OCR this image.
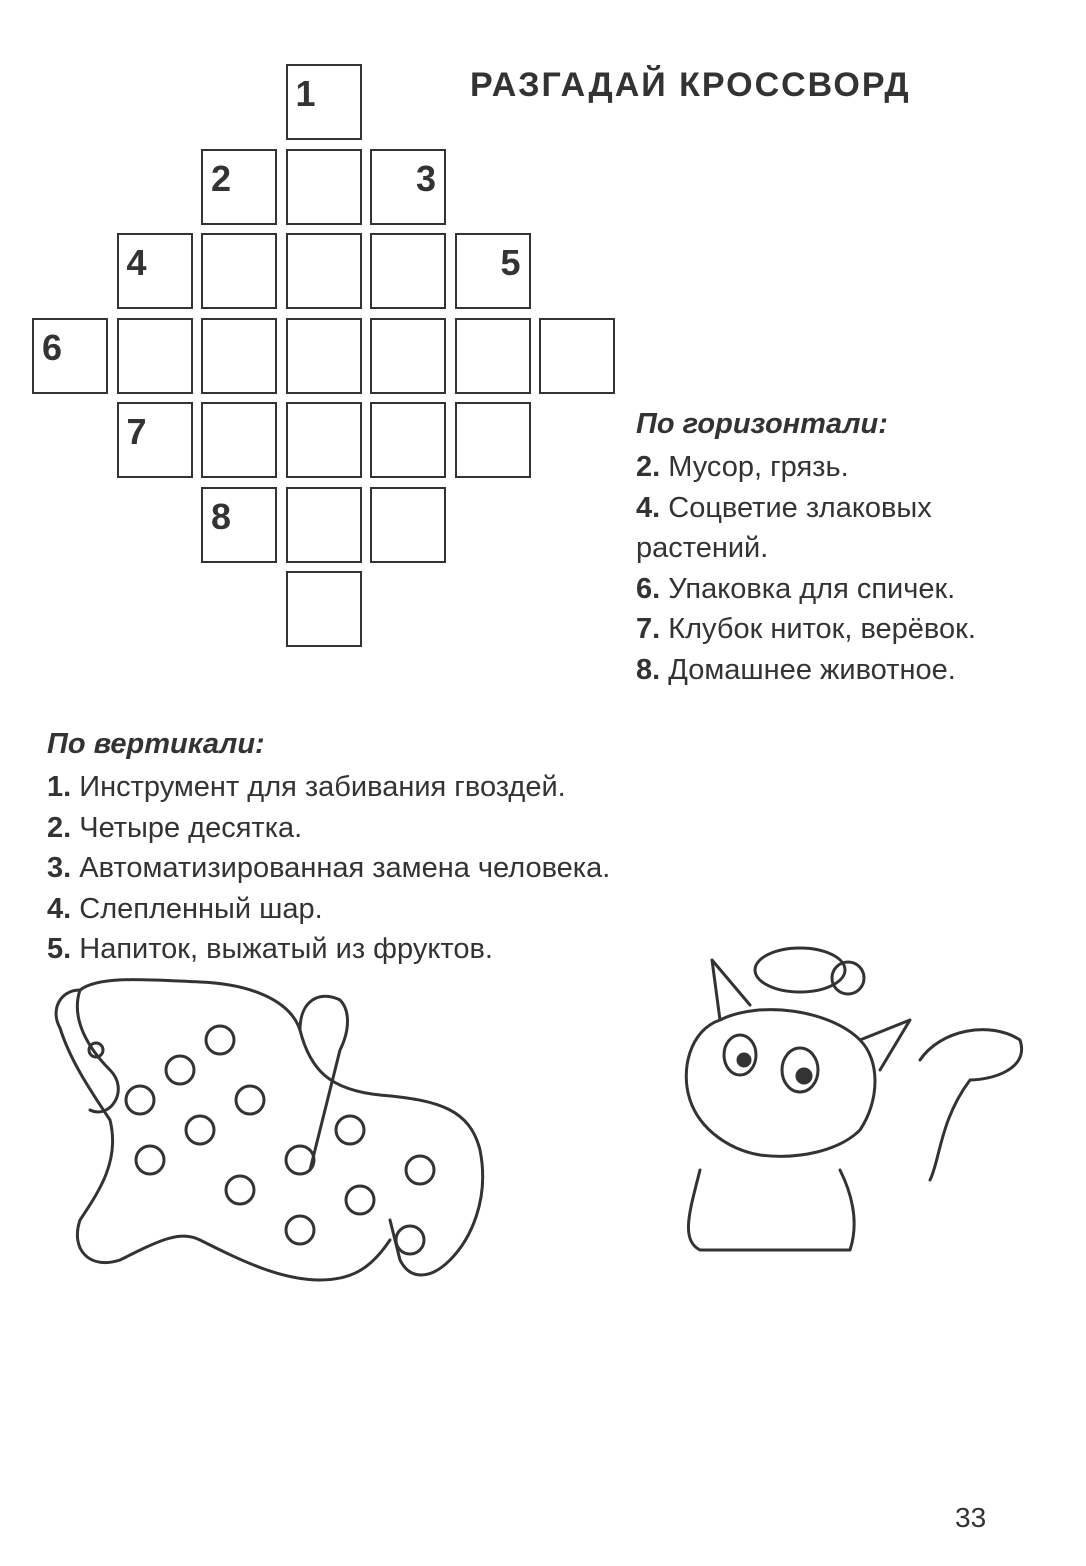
РАЗГАДАЙ КРОССВОРД
1
2	3
4	5
6
7
8
По горизонтали:
2. Мусор, грязь.
4. Соцветие злаковых растений.
6. Упаковка для спичек.
7. Клубок ниток, верёвок.
8. Домашнее животное.
По вертикали:
1. Инструмент для забивания гвоздей.
2. Четыре десятка.
3. Автоматизированная замена человека.
4. Слепленный шар.
5. Напиток, выжатый из фруктов.
33
